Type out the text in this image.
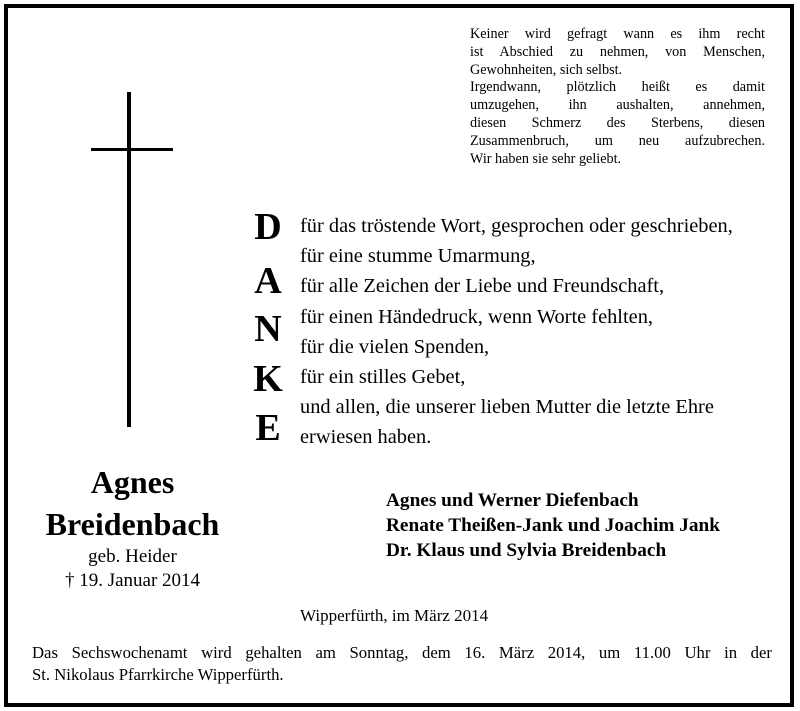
Keiner wird gefragt wann es ihm recht
ist Abschied zu nehmen, von Menschen,
Gewohnheiten, sich selbst.
Irgendwann, plötzlich heißt es damit
umzugehen, ihn aushalten, annehmen,
diesen Schmerz des Sterbens, diesen
Zusammenbruch, um neu aufzubrechen.
Wir haben sie sehr geliebt.
D
A
N
K
E
für das tröstende Wort, gesprochen oder geschrieben,
für eine stumme Umarmung,
für alle Zeichen der Liebe und Freundschaft,
für einen Händedruck, wenn Worte fehlten,
für die vielen Spenden,
für ein stilles Gebet,
und allen, die unserer lieben Mutter die letzte Ehre
erwiesen haben.
Agnes
Breidenbach
geb. Heider
† 19. Januar 2014
Agnes und Werner Diefenbach
Renate Theißen-Jank und Joachim Jank
Dr. Klaus und Sylvia Breidenbach
Wipperfürth, im März 2014
Das Sechswochenamt wird gehalten am Sonntag, dem 16. März 2014, um 11.00 Uhr in der
St. Nikolaus Pfarrkirche Wipperfürth.
